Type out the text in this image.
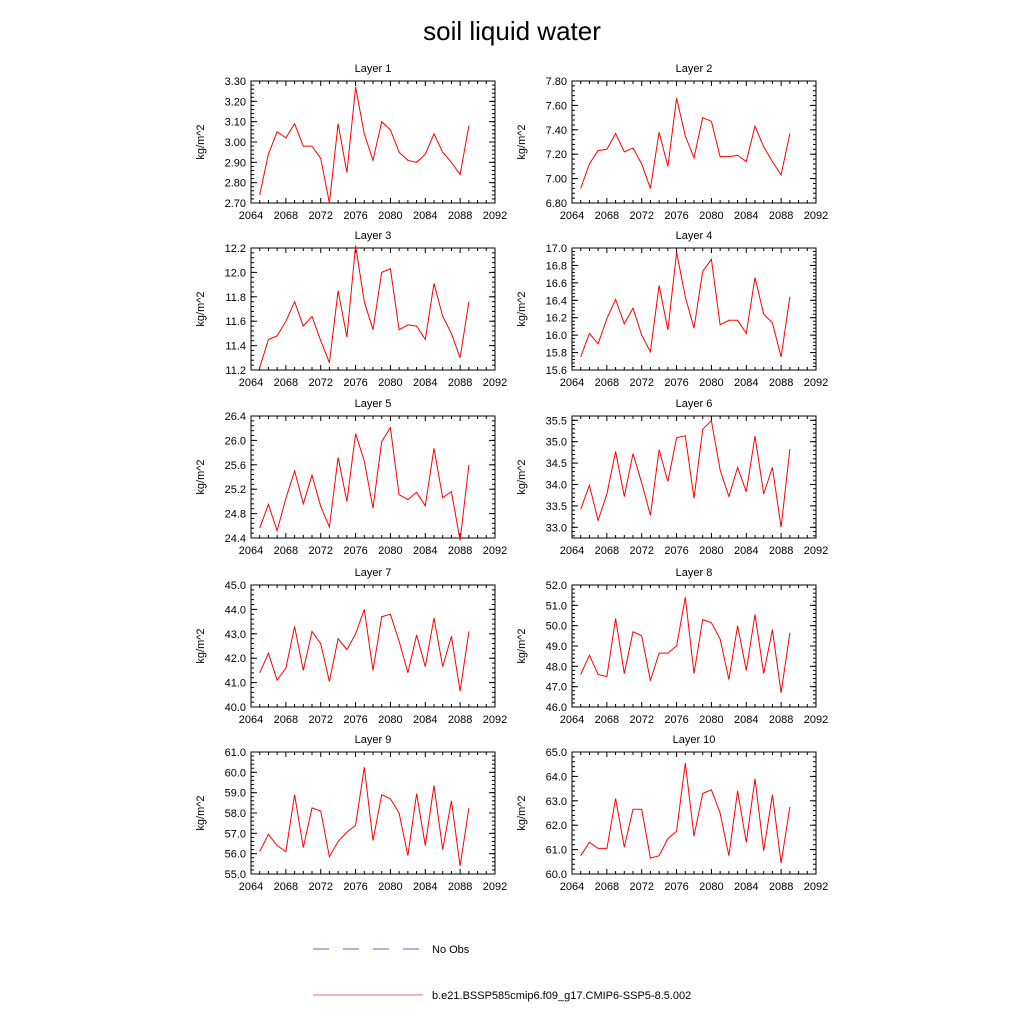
soil liquid water
Layer 1
kg/m^2
2064 2068 2072 2076 2080 2084 2088 2092
2.70
2.80
2.90
3.00
3.10
3.20
3.30
Layer 2
kg/m^2
2064 2068 2072 2076 2080 2084 2088 2092
6.80
7.00
7.20
7.40
7.60
7.80
Layer 3
kg/m^2
2064 2068 2072 2076 2080 2084 2088 2092
11.2
11.4
11.6
11.8
12.0
12.2
Layer 4
kg/m^2
2064 2068 2072 2076 2080 2084 2088 2092
15.6
15.8
16.0
16.2
16.4
16.6
16.8
17.0
Layer 5
kg/m^2
2064 2068 2072 2076 2080 2084 2088 2092
24.4
24.8
25.2
25.6
26.0
26.4
Layer 6
kg/m^2
2064 2068 2072 2076 2080 2084 2088 2092
33.0
33.5
34.0
34.5
35.0
35.5
Layer 7
kg/m^2
2064 2068 2072 2076 2080 2084 2088 2092
40.0
41.0
42.0
43.0
44.0
45.0
Layer 8
kg/m^2
2064 2068 2072 2076 2080 2084 2088 2092
46.0
47.0
48.0
49.0
50.0
51.0
52.0
Layer 9
kg/m^2
2064 2068 2072 2076 2080 2084 2088 2092
55.0
56.0
57.0
58.0
59.0
60.0
61.0
Layer 10
kg/m^2
2064 2068 2072 2076 2080 2084 2088 2092
60.0
61.0
62.0
63.0
64.0
65.0
No Obs
b.e21.BSSP585cmip6.f09_g17.CMIP6-SSP5-8.5.002
